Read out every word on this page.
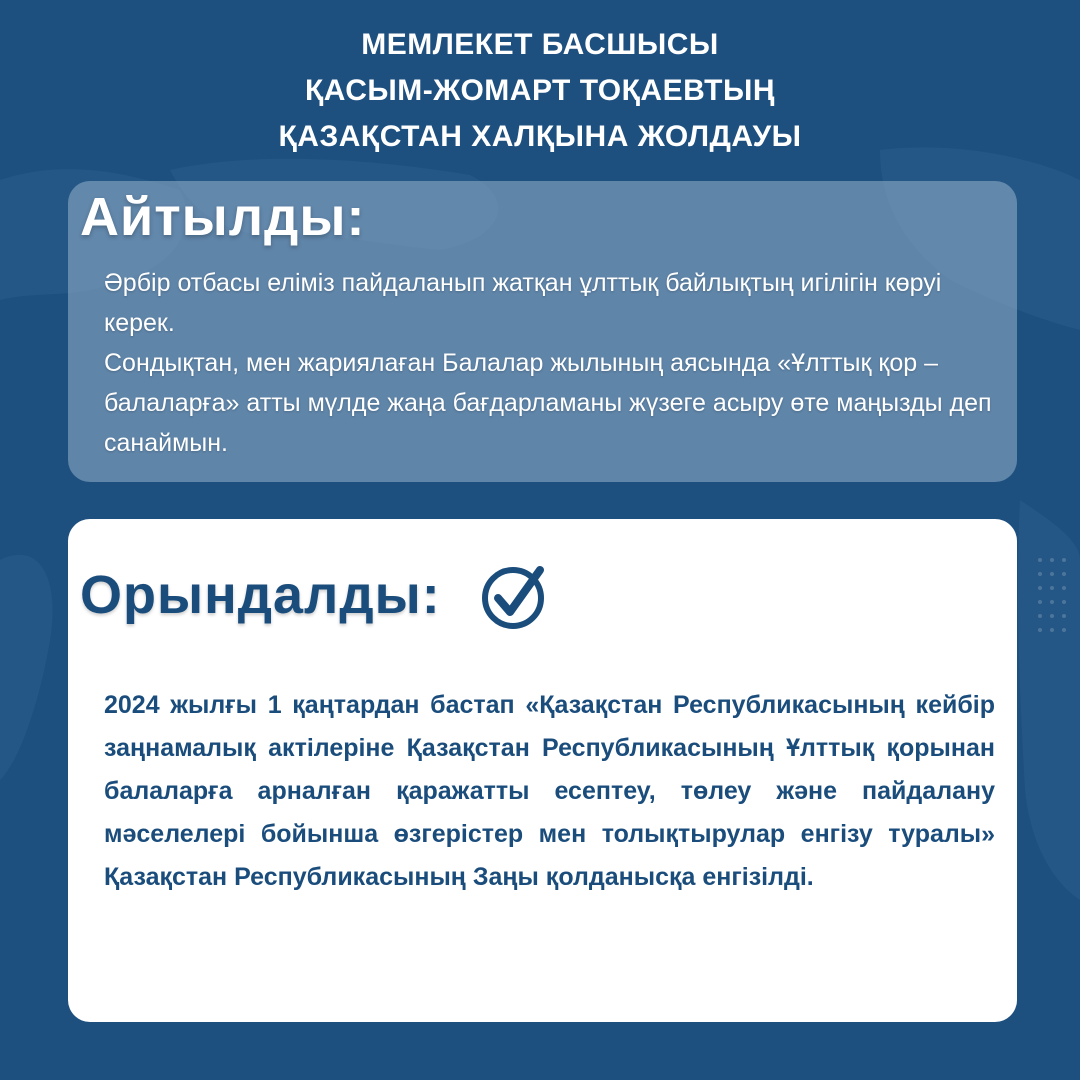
МЕМЛЕКЕТ БАСШЫСЫ
ҚАСЫМ-ЖОМАРТ ТОҚАЕВТЫҢ
ҚАЗАҚСТАН ХАЛҚЫНА ЖОЛДАУЫ
Айтылды:
Әрбір отбасы еліміз пайдаланып жатқан ұлттық байлықтың игілігін көруі керек.
Сондықтан, мен жариялаған Балалар жылының аясында «Ұлттық қор – балаларға» атты мүлде жаңа бағдарламаны жүзеге асыру өте маңызды деп санаймын.
Орындалды:
2024 жылғы 1 қаңтардан бастап «Қазақстан Республикасының кейбір заңнамалық актілеріне Қазақстан Республикасының Ұлттық қорынан балаларға арналған қаражатты есептеу, төлеу және пайдалану мәселелері бойынша өзгерістер мен толықтырулар енгізу туралы» Қазақстан Республикасының Заңы қолданысқа енгізілді.
